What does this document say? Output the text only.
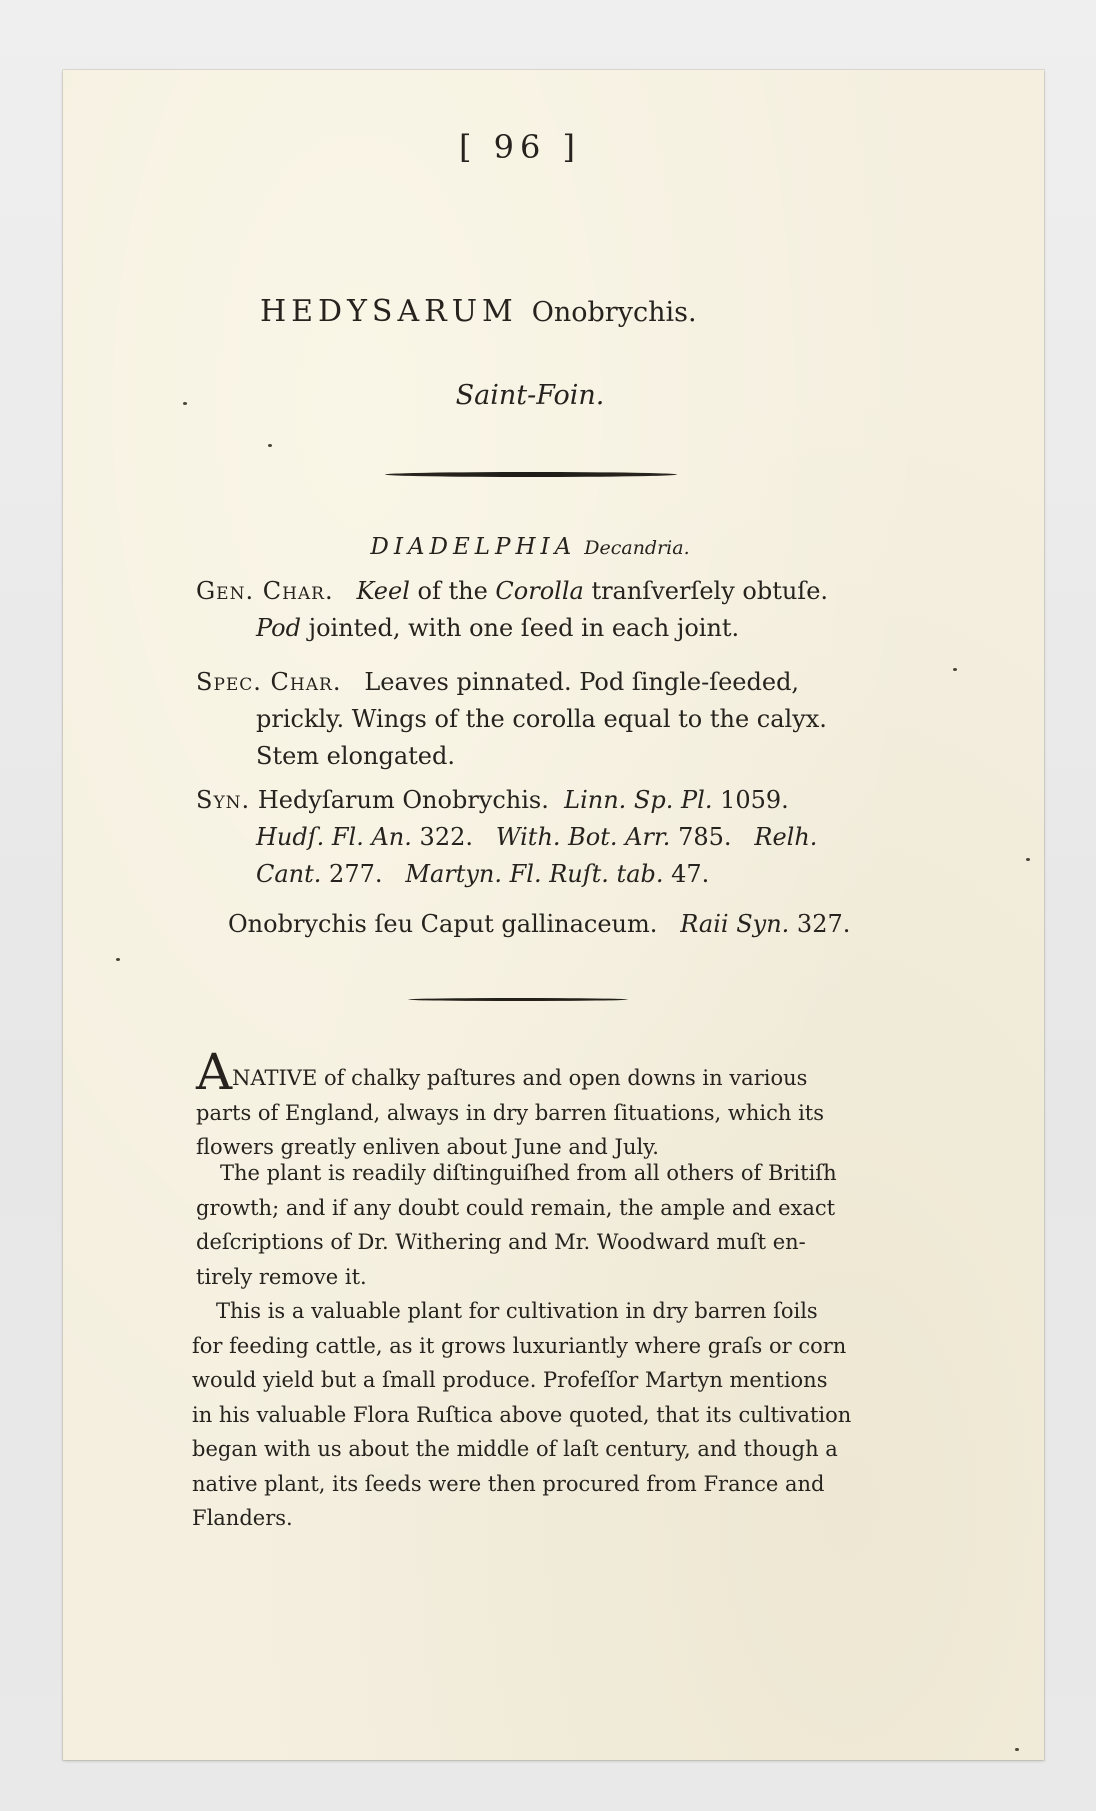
[ 96 ]
HEDYSARUM Onobrychis.
Saint-Foin.
DIADELPHIA Decandria.
Gen. Char. Keel of the Corolla tranſverſely obtuſe.
Pod jointed, with one ſeed in each joint.
Spec. Char. Leaves pinnated. Pod ſingle-ſeeded,
prickly. Wings of the corolla equal to the calyx.
Stem elongated.
Syn. Hedyſarum Onobrychis. Linn. Sp. Pl. 1059.
Hudſ. Fl. An. 322. With. Bot. Arr. 785. Relh.
Cant. 277. Martyn. Fl. Ruſt. tab. 47.
Onobrychis ſeu Caput gallinaceum. Raii Syn. 327.
ANATIVE of chalky paſtures and open downs in various
parts of England, always in dry barren ſituations, which its
flowers greatly enliven about June and July.
The plant is readily diſtinguiſhed from all others of Britiſh
growth; and if any doubt could remain, the ample and exact
deſcriptions of Dr. Withering and Mr. Woodward muſt en-
tirely remove it.
This is a valuable plant for cultivation in dry barren ſoils
for feeding cattle, as it grows luxuriantly where graſs or corn
would yield but a ſmall produce. Profeſſor Martyn mentions
in his valuable Flora Ruſtica above quoted, that its cultivation
began with us about the middle of laſt century, and though a
native plant, its ſeeds were then procured from France and
Flanders.
